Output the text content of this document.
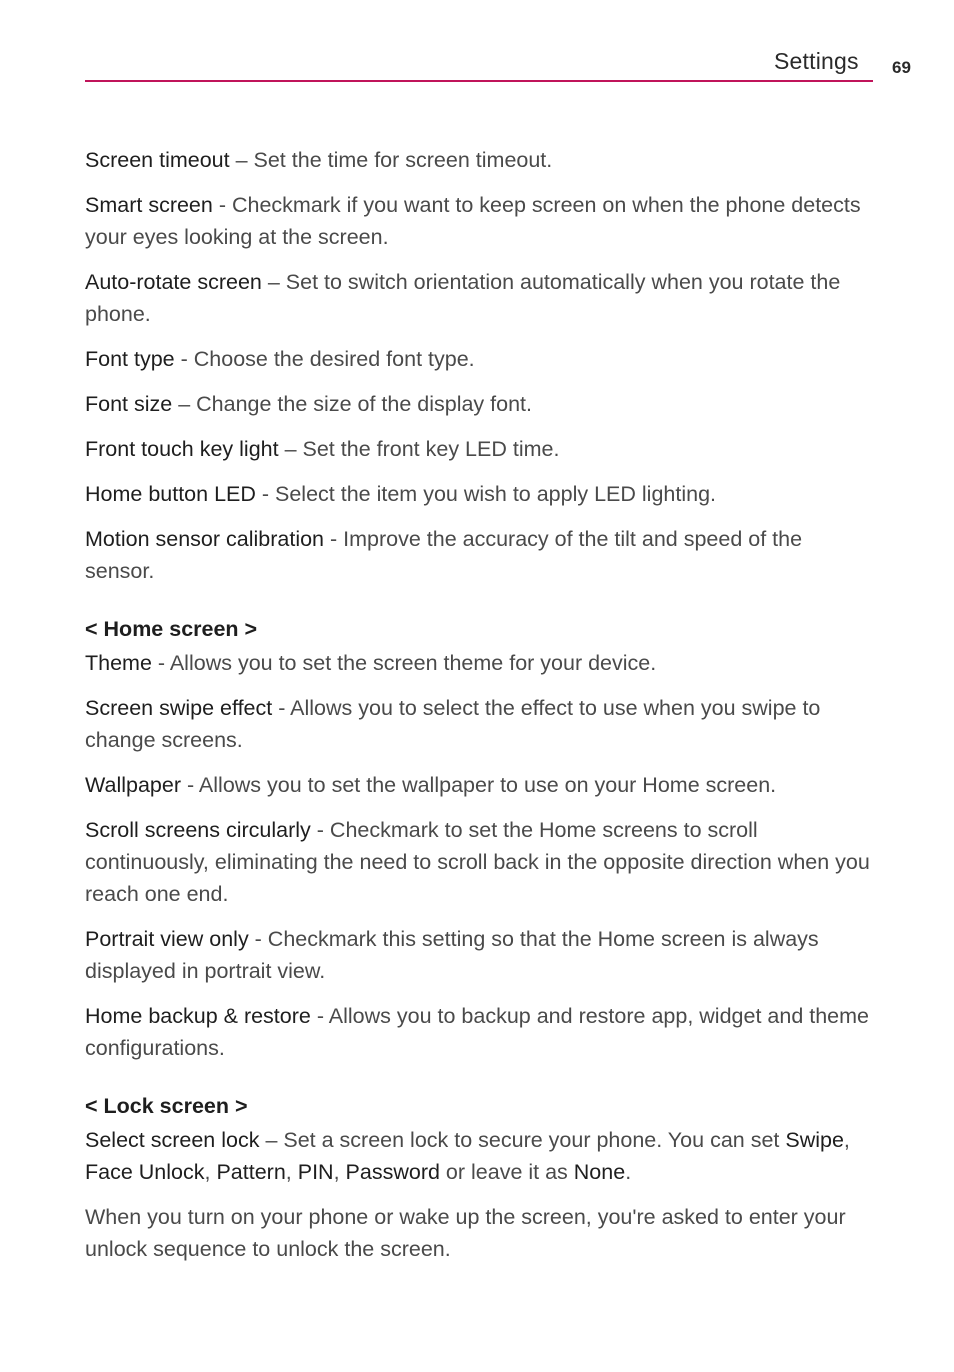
Settings 69

Screen timeout – Set the time for screen timeout.

Smart screen - Checkmark if you want to keep screen on when the phone detects your eyes looking at the screen.

Auto-rotate screen – Set to switch orientation automatically when you rotate the phone.

Font type - Choose the desired font type.

Font size – Change the size of the display font.

Front touch key light – Set the front key LED time.

Home button LED - Select the item you wish to apply LED lighting.

Motion sensor calibration - Improve the accuracy of the tilt and speed of the sensor.

< Home screen >

Theme - Allows you to set the screen theme for your device.

Screen swipe effect - Allows you to select the effect to use when you swipe to change screens.

Wallpaper - Allows you to set the wallpaper to use on your Home screen.

Scroll screens circularly - Checkmark to set the Home screens to scroll continuously, eliminating the need to scroll back in the opposite direction when you reach one end.

Portrait view only - Checkmark this setting so that the Home screen is always displayed in portrait view.

Home backup & restore - Allows you to backup and restore app, widget and theme configurations.

< Lock screen >

Select screen lock – Set a screen lock to secure your phone. You can set Swipe, Face Unlock, Pattern, PIN, Password or leave it as None.

When you turn on your phone or wake up the screen, you're asked to enter your unlock sequence to unlock the screen.
